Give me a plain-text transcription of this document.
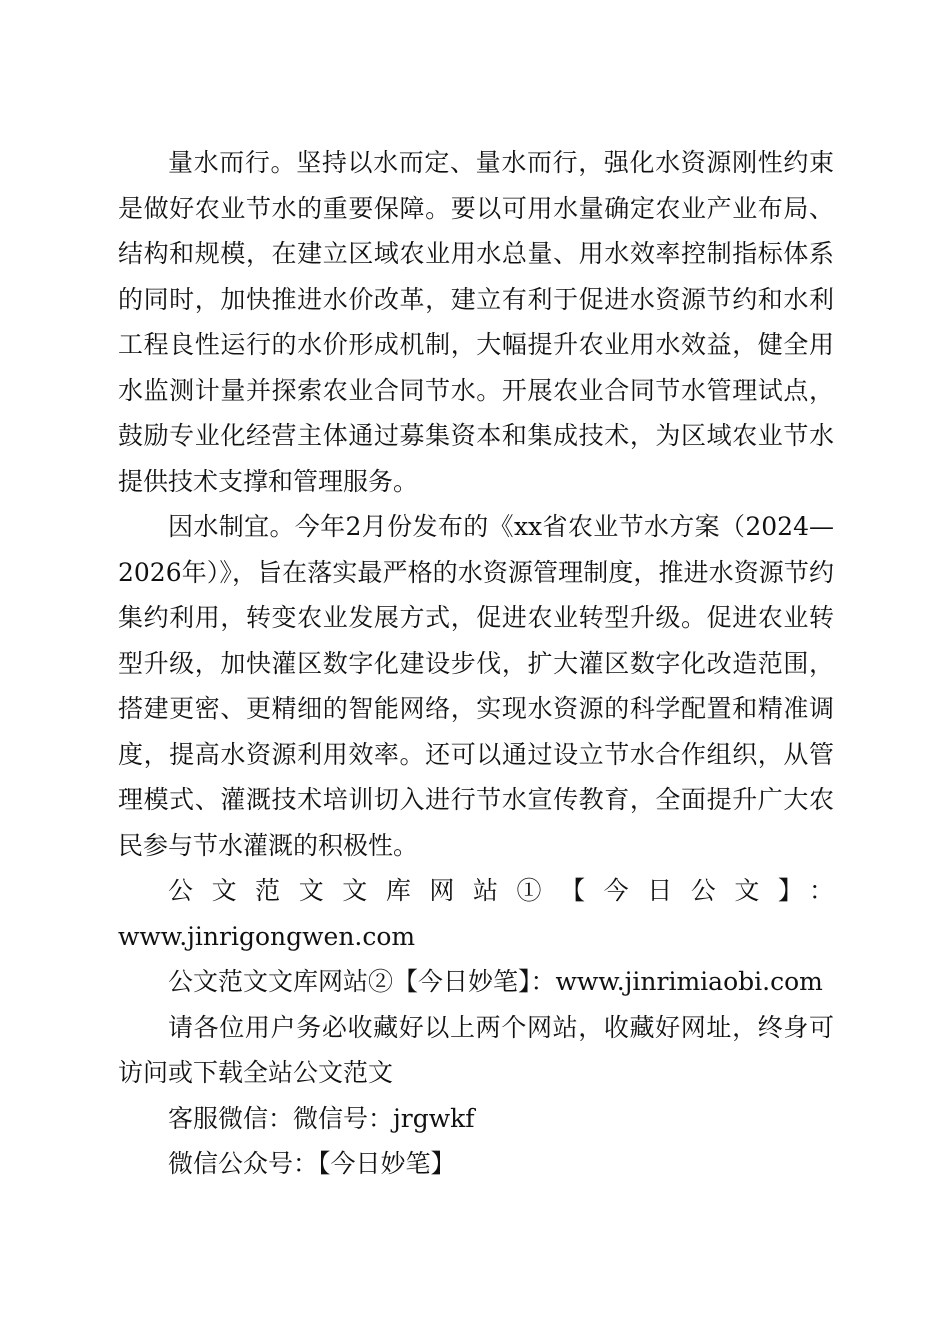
量水而行。坚持以水而定、量水而行，强化水资源刚性约束是做好农业节水的重要保障。要以可用水量确定农业产业布局、结构和规模，在建立区域农业用水总量、用水效率控制指标体系的同时，加快推进水价改革，建立有利于促进水资源节约和水利工程良性运行的水价形成机制，大幅提升农业用水效益，健全用水监测计量并探索农业合同节水。开展农业合同节水管理试点，鼓励专业化经营主体通过募集资本和集成技术，为区域农业节水提供技术支撑和管理服务。

因水制宜。今年2月份发布的《xx省农业节水方案（2024—2026年）》，旨在落实最严格的水资源管理制度，推进水资源节约集约利用，转变农业发展方式，促进农业转型升级。促进农业转型升级，加快灌区数字化建设步伐，扩大灌区数字化改造范围，搭建更密、更精细的智能网络，实现水资源的科学配置和精准调度，提高水资源利用效率。还可以通过设立节水合作组织，从管理模式、灌溉技术培训切入进行节水宣传教育，全面提升广大农民参与节水灌溉的积极性。

公文范文文库网站①【今日公文】：

www.jinrigongwen.com

公文范文文库网站②【今日妙笔】：www.jinrimiaobi.com

请各位用户务必收藏好以上两个网站，收藏好网址，终身可访问或下载全站公文范文

客服微信：微信号：jrgwkf

微信公众号：【今日妙笔】
